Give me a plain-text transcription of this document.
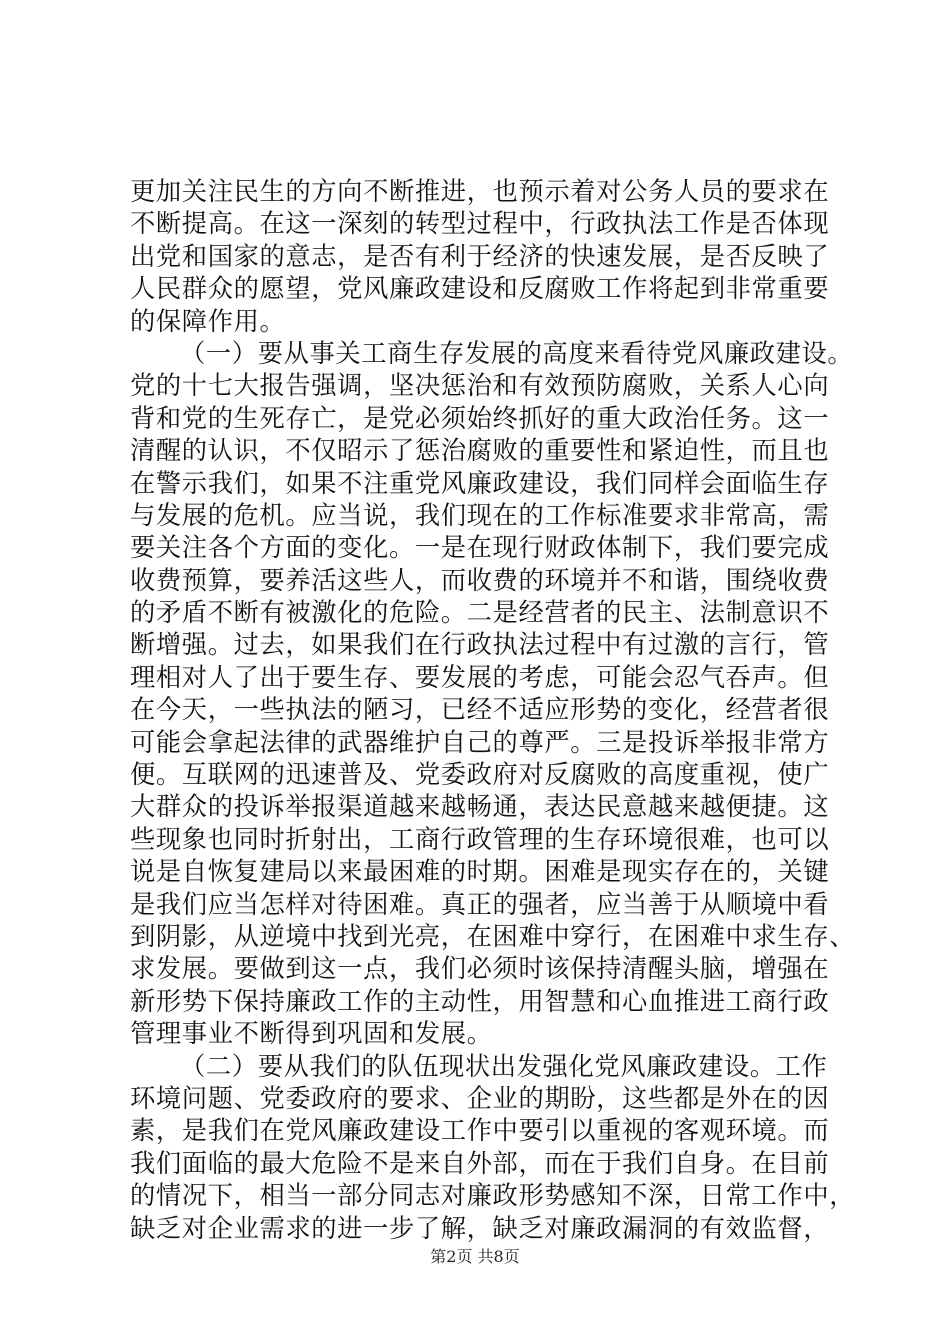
更加关注民生的方向不断推进，也预示着对公务人员的要求在
不断提高。在这一深刻的转型过程中，行政执法工作是否体现
出党和国家的意志，是否有利于经济的快速发展，是否反映了
人民群众的愿望，党风廉政建设和反腐败工作将起到非常重要
的保障作用。
（一）要从事关工商生存发展的高度来看待党风廉政建设。
党的十七大报告强调，坚决惩治和有效预防腐败，关系人心向
背和党的生死存亡，是党必须始终抓好的重大政治任务。这一
清醒的认识，不仅昭示了惩治腐败的重要性和紧迫性，而且也
在警示我们，如果不注重党风廉政建设，我们同样会面临生存
与发展的危机。应当说，我们现在的工作标准要求非常高，需
要关注各个方面的变化。一是在现行财政体制下，我们要完成
收费预算，要养活这些人，而收费的环境并不和谐，围绕收费
的矛盾不断有被激化的危险。二是经营者的民主、法制意识不
断增强。过去，如果我们在行政执法过程中有过激的言行，管
理相对人了出于要生存、要发展的考虑，可能会忍气吞声。但
在今天，一些执法的陋习，已经不适应形势的变化，经营者很
可能会拿起法律的武器维护自己的尊严。三是投诉举报非常方
便。互联网的迅速普及、党委政府对反腐败的高度重视，使广
大群众的投诉举报渠道越来越畅通，表达民意越来越便捷。这
些现象也同时折射出，工商行政管理的生存环境很难，也可以
说是自恢复建局以来最困难的时期。困难是现实存在的，关键
是我们应当怎样对待困难。真正的强者，应当善于从顺境中看
到阴影，从逆境中找到光亮，在困难中穿行，在困难中求生存、
求发展。要做到这一点，我们必须时该保持清醒头脑，增强在
新形势下保持廉政工作的主动性，用智慧和心血推进工商行政
管理事业不断得到巩固和发展。
（二）要从我们的队伍现状出发强化党风廉政建设。工作
环境问题、党委政府的要求、企业的期盼，这些都是外在的因
素，是我们在党风廉政建设工作中要引以重视的客观环境。而
我们面临的最大危险不是来自外部，而在于我们自身。在目前
的情况下，相当一部分同志对廉政形势感知不深，日常工作中，
缺乏对企业需求的进一步了解，缺乏对廉政漏洞的有效监督，
第2页 共8页
